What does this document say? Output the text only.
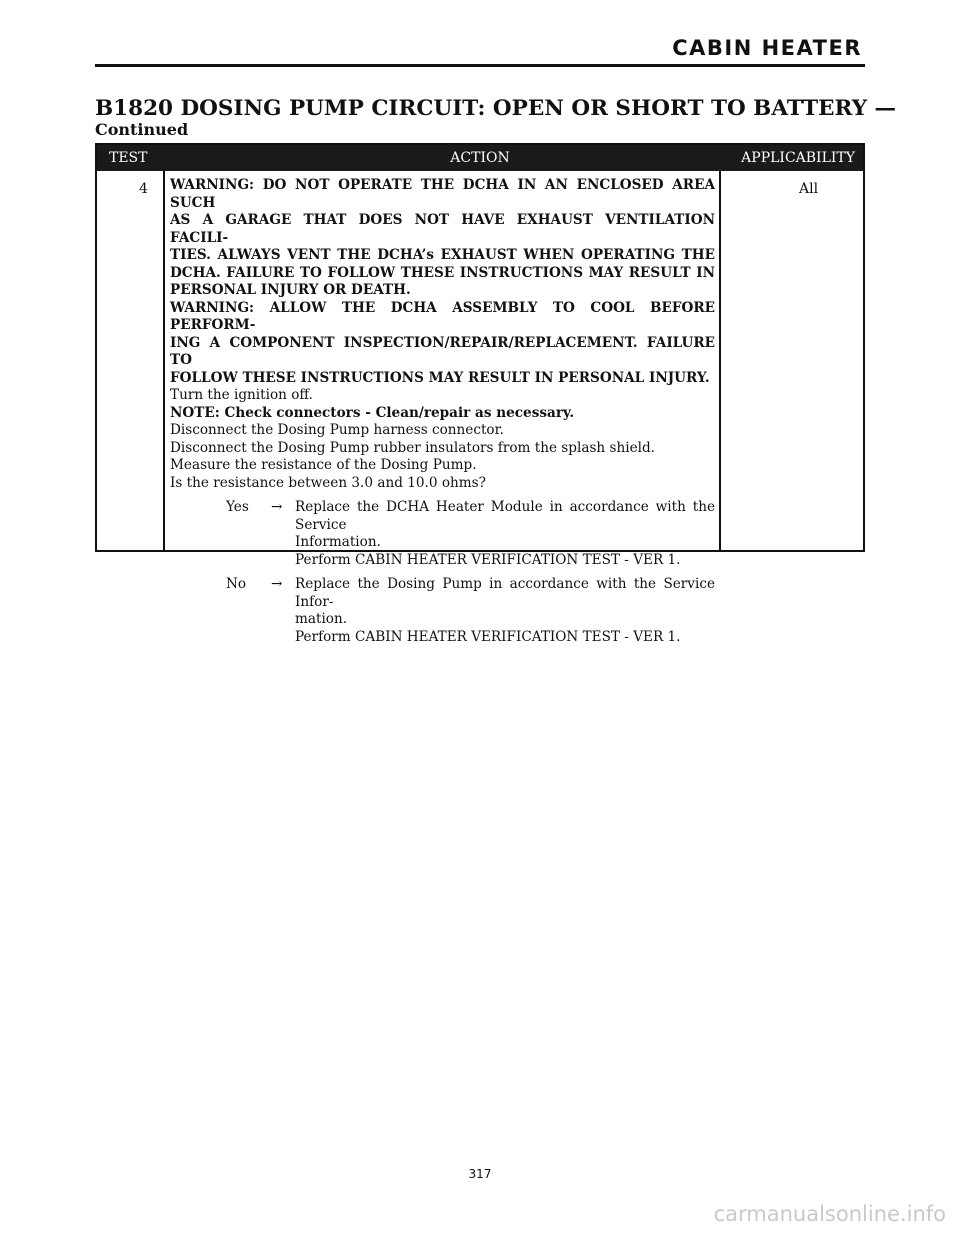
CABIN HEATER
B1820 DOSING PUMP CIRCUIT: OPEN OR SHORT TO BATTERY —
Continued
ACTION
TEST	APPLICABILITY
4 WARNING: DO NOT OPERATE THE DCHA IN AN ENCLOSED AREA SUCH

AS A GARAGE THAT DOES NOT HAVE EXHAUST VENTILATION FACILI-

TIES. ALWAYS VENT THE DCHA’s EXHAUST WHEN OPERATING THE

DCHA. FAILURE TO FOLLOW THESE INSTRUCTIONS MAY RESULT IN

PERSONAL INJURY OR DEATH.

WARNING: ALLOW THE DCHA ASSEMBLY TO COOL BEFORE PERFORM-

ING A COMPONENT INSPECTION/REPAIR/REPLACEMENT. FAILURE TO

FOLLOW THESE INSTRUCTIONS MAY RESULT IN PERSONAL INJURY.

Turn the ignition off.

NOTE: Check connectors - Clean/repair as necessary.

Disconnect the Dosing Pump harness connector.

Disconnect the Dosing Pump rubber insulators from the splash shield.

Measure the resistance of the Dosing Pump.

Is the resistance between 3.0 and 10.0 ohms?

Yes → Replace the DCHA Heater Module in accordance with the Service

Information.

Perform CABIN HEATER VERIFICATION TEST - VER 1.

No → Replace the Dosing Pump in accordance with the Service Infor-

mation.

Perform CABIN HEATER VERIFICATION TEST - VER 1.

All
317
carmanualsonline.info
